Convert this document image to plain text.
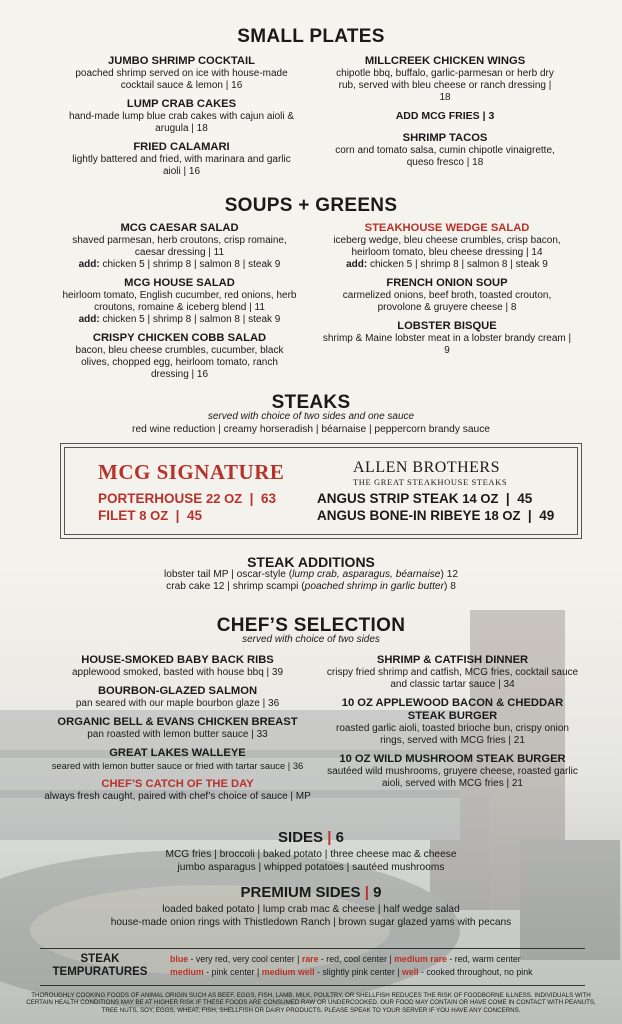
SMALL PLATES
JUMBO SHRIMP COCKTAIL
poached shrimp served on ice with house-made cocktail sauce & lemon | 16
LUMP CRAB CAKES
hand-made lump blue crab cakes with cajun aioli & arugula | 18
FRIED CALAMARI
lightly battered and fried, with marinara and garlic aioli | 16
MILLCREEK CHICKEN WINGS
chipotle bbq, buffalo, garlic-parmesan or herb dry rub, served with bleu cheese or ranch dressing | 18
ADD MCG FRIES | 3
SHRIMP TACOS
corn and tomato salsa, cumin chipotle vinaigrette, queso fresco | 18
SOUPS + GREENS
MCG CAESAR SALAD
shaved parmesan, herb croutons, crisp romaine, caesar dressing | 11
add: chicken 5 | shrimp 8 | salmon 8 | steak 9
MCG HOUSE SALAD
heirloom tomato, English cucumber, red onions, herb croutons, romaine & iceberg blend | 11
add: chicken 5 | shrimp 8 | salmon 8 | steak 9
CRISPY CHICKEN COBB SALAD
bacon, bleu cheese crumbles, cucumber, black olives, chopped egg, heirloom tomato, ranch dressing | 16
STEAKHOUSE WEDGE SALAD
iceberg wedge, bleu cheese crumbles, crisp bacon, heirloom tomato, bleu cheese dressing | 14
add: chicken 5 | shrimp 8 | salmon 8 | steak 9
FRENCH ONION SOUP
carmelized onions, beef broth, toasted crouton, provolone & gruyere cheese | 8
LOBSTER BISQUE
shrimp & Maine lobster meat in a lobster brandy cream | 9
STEAKS
served with choice of two sides and one sauce
red wine reduction | creamy horseradish | béarnaise | peppercorn brandy sauce
MCG SIGNATURE
PORTERHOUSE 22 OZ  |  63
FILET 8 OZ  |  45
ALLEN BROTHERS
THE GREAT STEAKHOUSE STEAKS
ANGUS STRIP STEAK 14 OZ  |  45
ANGUS BONE-IN RIBEYE 18 OZ  |  49
STEAK ADDITIONS
lobster tail MP | oscar-style (lump crab, asparagus, béarnaise) 12
crab cake 12 | shrimp scampi (poached shrimp in garlic butter) 8
CHEF’S SELECTION
served with choice of two sides
HOUSE-SMOKED BABY BACK RIBS
applewood smoked, basted with house bbq | 39
BOURBON-GLAZED SALMON
pan seared with our maple bourbon glaze | 36
ORGANIC BELL & EVANS CHICKEN BREAST
pan roasted with lemon butter sauce | 33
GREAT LAKES WALLEYE
seared with lemon butter sauce or fried with tartar sauce | 36
CHEF’S CATCH OF THE DAY
always fresh caught, paired with chef’s choice of sauce | MP
SHRIMP & CATFISH DINNER
crispy fried shrimp and catfish, MCG fries, cocktail sauce and classic tartar sauce | 34
10 OZ APPLEWOOD BACON & CHEDDAR STEAK BURGER
roasted garlic aioli, toasted brioche bun, crispy onion rings, served with MCG fries | 21
10 OZ WILD MUSHROOM STEAK BURGER
sautéed wild mushrooms, gruyere cheese, roasted garlic aioli, served with MCG fries | 21
SIDES | 6
MCG fries | broccoli | baked potato | three cheese mac & cheese
jumbo asparagus | whipped potatoes | sautéed mushrooms
PREMIUM SIDES | 9
loaded baked potato | lump crab mac & cheese | half wedge salad
house-made onion rings with Thistledown Ranch | brown sugar glazed yams with pecans
STEAK
TEMPURATURES
blue - very red, very cool center | rare - red, cool center | medium rare - red, warm center
medium - pink center | medium well - slightly pink center | well - cooked throughout, no pink
THOROUGHLY COOKING FOODS OF ANIMAL ORIGIN SUCH AS BEEF, EGGS, FISH, LAMB, MILK, POULTRY, OR SHELLFISH REDUCES THE RISK OF FOODBORNE ILLNESS. INDIVIDUALS WITH CERTAIN HEALTH CONDITIONS MAY BE AT HIGHER RISK IF THESE FOODS ARE CONSUMED RAW OR UNDERCOOKED. OUR FOOD MAY CONTAIN OR HAVE COME IN CONTACT WITH PEANUTS, TREE NUTS, SOY, EGGS, WHEAT, FISH, SHELLFISH OR DAIRY PRODUCTS. PLEASE SPEAK TO YOUR SERVER IF YOU HAVE ANY CONCERNS.
